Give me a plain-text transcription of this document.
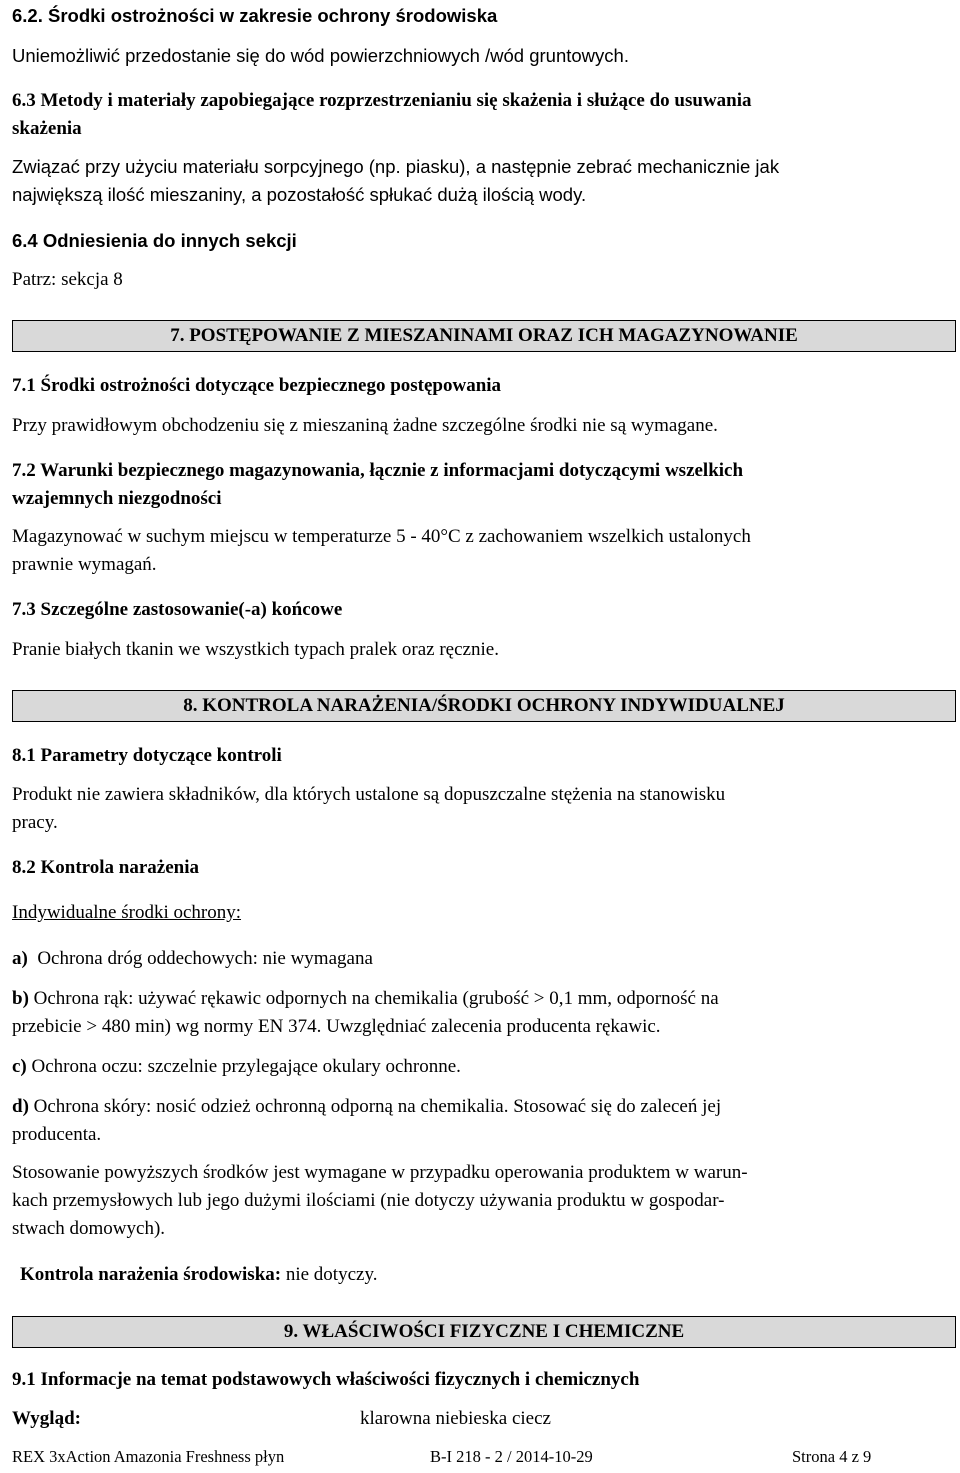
6.2. Środki ostrożności w zakresie ochrony środowiska
Uniemożliwić przedostanie się do wód powierzchniowych /wód gruntowych.
6.3 Metody i materiały zapobiegające rozprzestrzenianiu się skażenia i służące do usuwania
skażenia
Związać przy użyciu materiału sorpcyjnego (np. piasku), a następnie zebrać mechanicznie jak
największą ilość mieszaniny, a pozostałość spłukać dużą ilością wody.
6.4 Odniesienia do innych sekcji
Patrz: sekcja 8
7. POSTĘPOWANIE Z MIESZANINAMI ORAZ ICH MAGAZYNOWANIE
7.1 Środki ostrożności dotyczące bezpiecznego postępowania
Przy prawidłowym obchodzeniu się z mieszaniną żadne szczególne środki nie są wymagane.
7.2 Warunki bezpiecznego magazynowania, łącznie z informacjami dotyczącymi wszelkich
wzajemnych niezgodności
Magazynować w suchym miejscu w temperaturze 5 - 40°C z zachowaniem wszelkich ustalonych
prawnie wymagań.
7.3 Szczególne zastosowanie(-a) końcowe
Pranie białych tkanin we wszystkich typach pralek oraz ręcznie.
8. KONTROLA NARAŻENIA/ŚRODKI OCHRONY INDYWIDUALNEJ
8.1 Parametry dotyczące kontroli
Produkt nie zawiera składników, dla których ustalone są dopuszczalne stężenia na stanowisku
pracy.
8.2 Kontrola narażenia
Indywidualne środki ochrony:
a) Ochrona dróg oddechowych: nie wymagana
b) Ochrona rąk: używać rękawic odpornych na chemikalia (grubość > 0,1 mm, odporność na
przebicie > 480 min) wg normy EN 374. Uwzględniać zalecenia producenta rękawic.
c) Ochrona oczu: szczelnie przylegające okulary ochronne.
d) Ochrona skóry: nosić odzież ochronną odporną na chemikalia. Stosować się do zaleceń jej
producenta.
Stosowanie powyższych środków jest wymagane w przypadku operowania produktem w warun-
kach przemysłowych lub jego dużymi ilościami (nie dotyczy używania produktu w gospodar-
stwach domowych).
Kontrola narażenia środowiska: nie dotyczy.
9. WŁAŚCIWOŚCI FIZYCZNE I CHEMICZNE
9.1 Informacje na temat podstawowych właściwości fizycznych i chemicznych
Wygląd:	klarowna niebieska ciecz
REX 3xAction Amazonia Freshness płyn	B-I 218 - 2 / 2014-10-29	Strona 4 z 9
